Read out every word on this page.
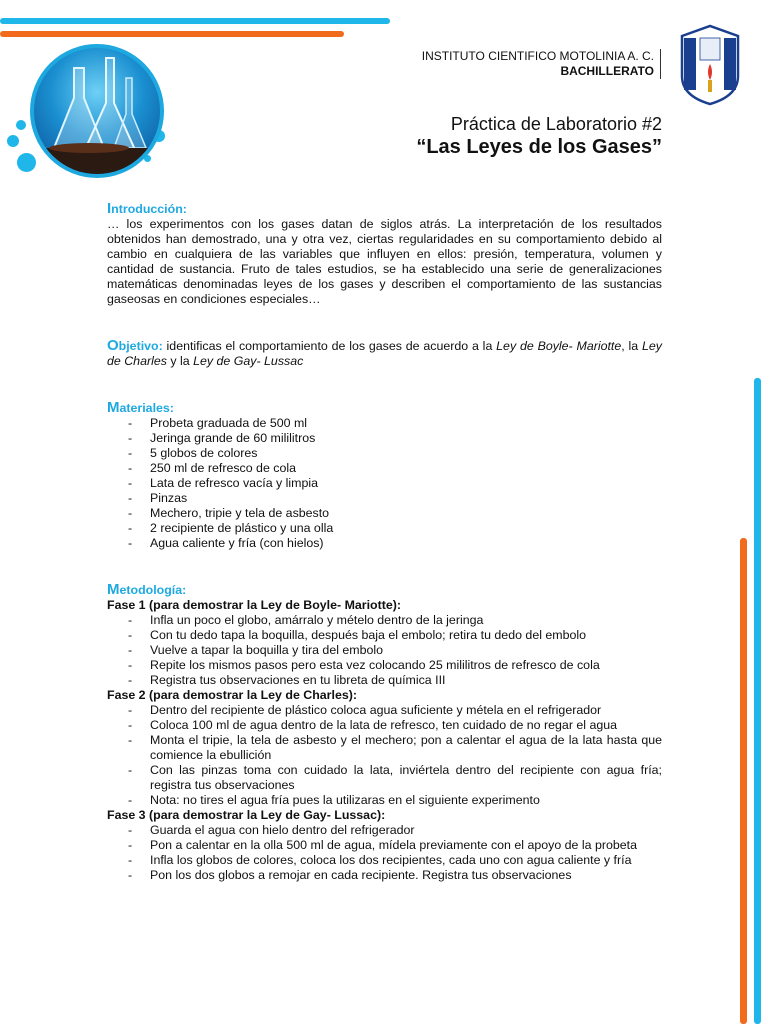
INSTITUTO CIENTIFICO MOTOLINIA A. C.
BACHILLERATO
Práctica de Laboratorio #2
“Las Leyes de los Gases”
Introducción:
… los experimentos con los gases datan de siglos atrás. La interpretación de los resultados obtenidos han demostrado, una y otra vez, ciertas regularidades en su comportamiento debido al cambio en cualquiera de las variables que influyen en ellos: presión, temperatura, volumen y cantidad de sustancia. Fruto de tales estudios, se ha establecido una serie de generalizaciones matemáticas denominadas leyes de los gases y describen el comportamiento de las sustancias gaseosas en condiciones especiales…
Objetivo: identificas el comportamiento de los gases de acuerdo a la Ley de Boyle- Mariotte, la Ley de Charles y la Ley de Gay- Lussac
Materiales:
- Probeta graduada de 500 ml
- Jeringa grande de 60 mililitros
- 5 globos de colores
- 250 ml de refresco de cola
- Lata de refresco vacía y limpia
- Pinzas
- Mechero, tripie y tela de asbesto
- 2 recipiente de plástico y una olla
- Agua caliente y fría (con hielos)
Metodología:
Fase 1 (para demostrar la Ley de Boyle- Mariotte):
- Infla un poco el globo, amárralo y mételo dentro de la jeringa
- Con tu dedo tapa la boquilla, después baja el embolo; retira tu dedo del embolo
- Vuelve a tapar la boquilla y tira del embolo
- Repite los mismos pasos pero esta vez colocando 25 mililitros de refresco de cola
- Registra tus observaciones en tu libreta de química III
Fase 2 (para demostrar la Ley de Charles):
- Dentro del recipiente de plástico coloca agua suficiente y métela en el refrigerador
- Coloca 100 ml de agua dentro de la lata de refresco, ten cuidado de no regar el agua
- Monta el tripie, la tela de asbesto y el mechero; pon a calentar el agua de la lata hasta que comience la ebullición
- Con las pinzas toma con cuidado la lata, inviértela dentro del recipiente con agua fría; registra tus observaciones
- Nota: no tires el agua fría pues la utilizaras en el siguiente experimento
Fase 3 (para demostrar la Ley de Gay- Lussac):
- Guarda el agua con hielo dentro del refrigerador
- Pon a calentar en la olla 500 ml de agua, mídela previamente con el apoyo de la probeta
- Infla los globos de colores, coloca los dos recipientes, cada uno con agua caliente y fría
- Pon los dos globos a remojar en cada recipiente. Registra tus observaciones
